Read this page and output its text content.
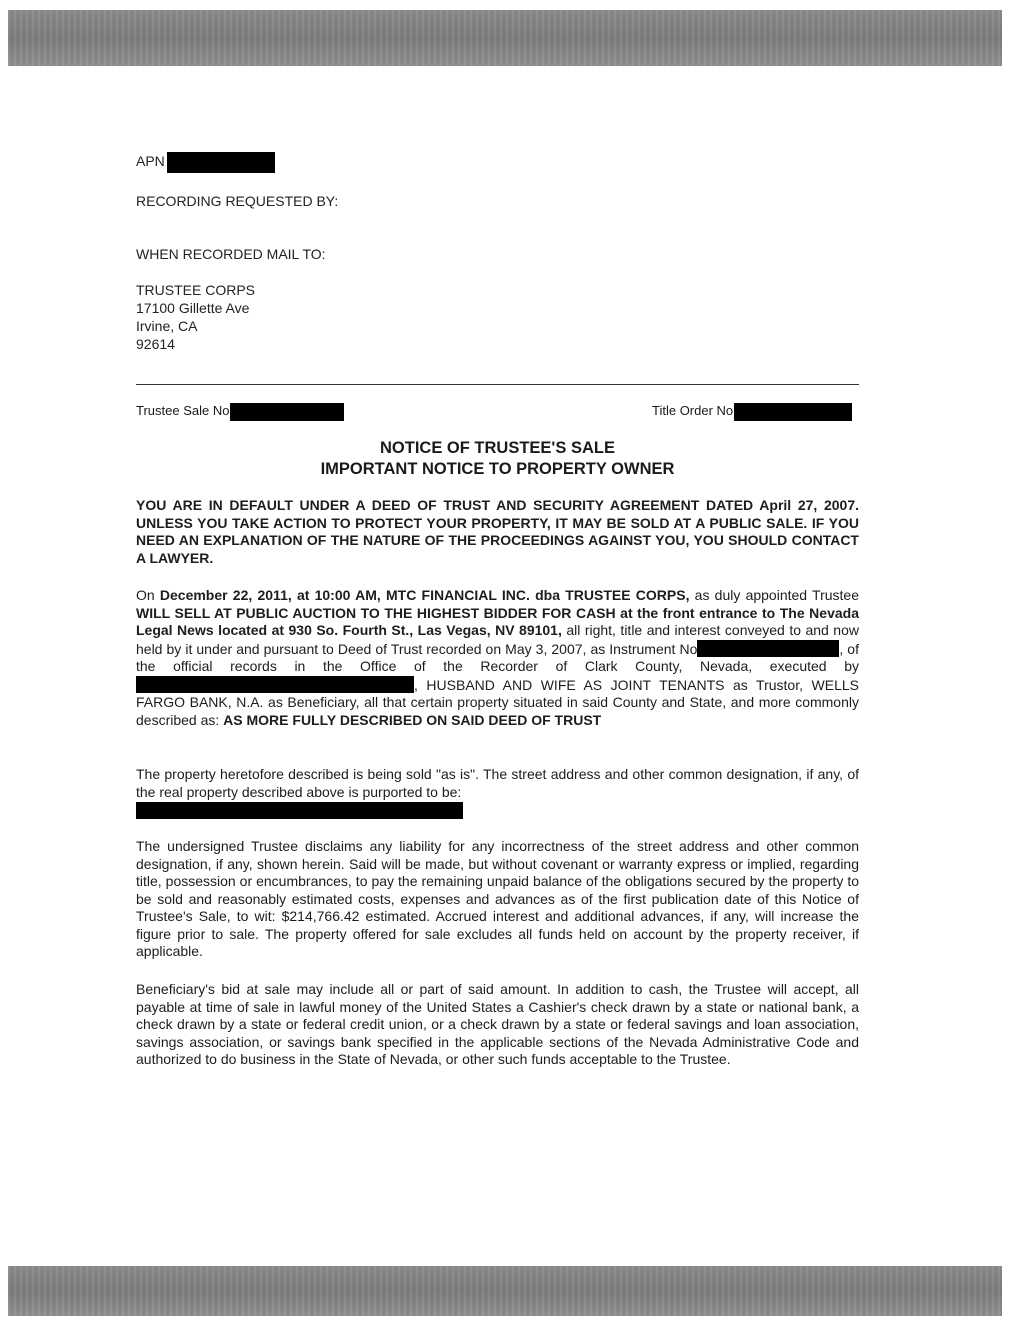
APN
RECORDING REQUESTED BY:
WHEN RECORDED MAIL TO:
TRUSTEE CORPS
17100 Gillette Ave
Irvine, CA
92614
Trustee Sale No	Title Order No
NOTICE OF TRUSTEE'S SALE
IMPORTANT NOTICE TO PROPERTY OWNER
YOU ARE IN DEFAULT UNDER A DEED OF TRUST AND SECURITY AGREEMENT DATED April 27, 2007. UNLESS YOU TAKE ACTION TO PROTECT YOUR PROPERTY, IT MAY BE SOLD AT A PUBLIC SALE. IF YOU NEED AN EXPLANATION OF THE NATURE OF THE PROCEEDINGS AGAINST YOU, YOU SHOULD CONTACT A LAWYER.
On December 22, 2011, at 10:00 AM, MTC FINANCIAL INC. dba TRUSTEE CORPS, as duly appointed Trustee WILL SELL AT PUBLIC AUCTION TO THE HIGHEST BIDDER FOR CASH at the front entrance to The Nevada Legal News located at 930 So. Fourth St., Las Vegas, NV 89101, all right, title and interest conveyed to and now held by it under and pursuant to Deed of Trust recorded on May 3, 2007, as Instrument No	, of the official records in the Office of the Recorder of Clark County, Nevada, executed by, HUSBAND AND WIFE AS JOINT TENANTS as Trustor, WELLS FARGO BANK, N.A. as Beneficiary, all that certain property situated in said County and State, and more commonly described as: AS MORE FULLY DESCRIBED ON SAID DEED OF TRUST
The property heretofore described is being sold "as is". The street address and other common designation, if any, of the real property described above is purported to be:
The undersigned Trustee disclaims any liability for any incorrectness of the street address and other common designation, if any, shown herein. Said will be made, but without covenant or warranty express or implied, regarding title, possession or encumbrances, to pay the remaining unpaid balance of the obligations secured by the property to be sold and reasonably estimated costs, expenses and advances as of the first publication date of this Notice of Trustee's Sale, to wit: $214,766.42 estimated. Accrued interest and additional advances, if any, will increase the figure prior to sale. The property offered for sale excludes all funds held on account by the property receiver, if applicable.
Beneficiary's bid at sale may include all or part of said amount. In addition to cash, the Trustee will accept, all payable at time of sale in lawful money of the United States a Cashier's check drawn by a state or national bank, a check drawn by a state or federal credit union, or a check drawn by a state or federal savings and loan association, savings association, or savings bank specified in the applicable sections of the Nevada Administrative Code and authorized to do business in the State of Nevada, or other such funds acceptable to the Trustee.
